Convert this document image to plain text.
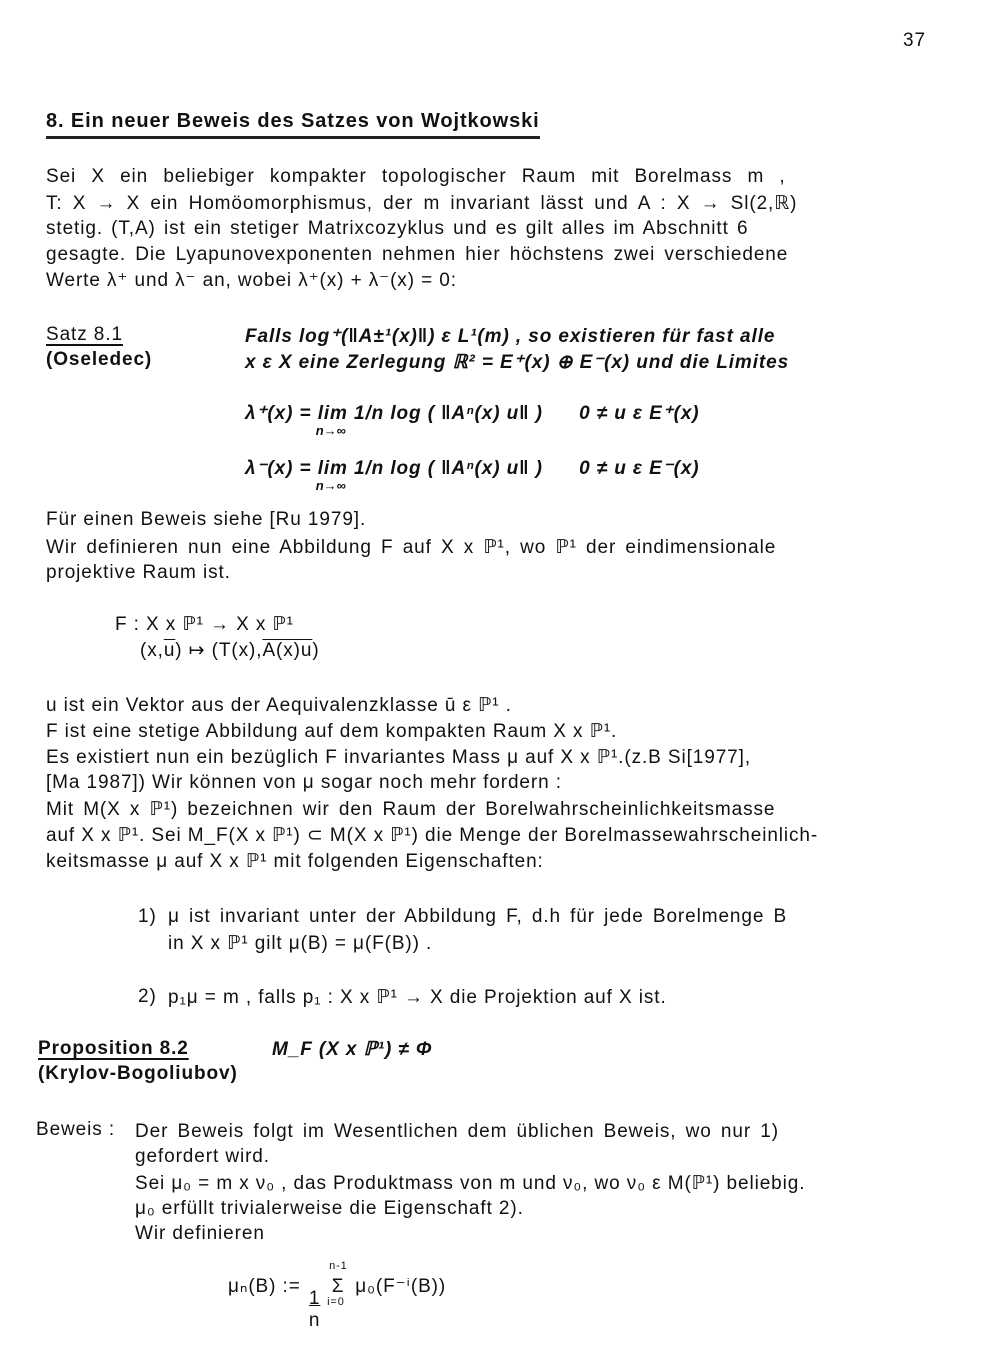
37
8. Ein neuer Beweis des Satzes von Wojtkowski
Sei X ein beliebiger kompakter topologischer Raum mit Borelmass m ,
T: X → X ein Homöomorphismus, der m invariant lässt und A : X → Sl(2,ℝ)
stetig. (T,A) ist ein stetiger Matrixcozyklus und es gilt alles im Abschnitt 6
gesagte. Die Lyapunovexponenten nehmen hier höchstens zwei verschiedene
Werte λ⁺ und λ⁻ an, wobei λ⁺(x) + λ⁻(x) = 0:
Satz 8.1
(Oseledec)
Falls log⁺(‖A±¹(x)‖) ε L¹(m) , so existieren für fast alle
x ε X eine Zerlegung ℝ² = E⁺(x) ⊕ E⁻(x) und die Limites
λ⁺(x) = lim
n→∞
1/n log ( ‖Aⁿ(x) u‖ ) 0 ≠ u ε E⁺(x)
λ⁻(x) = lim
n→∞
1/n log ( ‖Aⁿ(x) u‖ ) 0 ≠ u ε E⁻(x)
Für einen Beweis siehe [Ru 1979].
Wir definieren nun eine Abbildung F auf X x ℙ¹, wo ℙ¹ der eindimensionale
projektive Raum ist.
F : X x ℙ¹ → X x ℙ¹
$(x,\overline{u})$ ↦ (T(x),A(x)u)
u ist ein Vektor aus der Aequivalenzklasse ū ε ℙ¹ .
F ist eine stetige Abbildung auf dem kompakten Raum X x ℙ¹.
Es existiert nun ein bezüglich F invariantes Mass μ auf X x ℙ¹.(z.B Si[1977],
[Ma 1987]) Wir können von μ sogar noch mehr fordern :
Mit M(X x ℙ¹) bezeichnen wir den Raum der Borelwahrscheinlichkeitsmasse
auf X x ℙ¹. Sei M_F(X x ℙ¹) ⊂ M(X x ℙ¹) die Menge der Borelmassewahrscheinlich-
keitsmasse μ auf X x ℙ¹ mit folgenden Eigenschaften:
1) μ ist invariant unter der Abbildung F, d.h für jede Borelmenge B
in X x ℙ¹ gilt μ(B) = μ(F(B)) .
2) p₁μ = m , falls p₁ : X x ℙ¹ → X die Projektion auf X ist.
Proposition 8.2
(Krylov-Bogoliubov)
M_F (X x ℙ¹) ≠ Φ
Beweis : Der Beweis folgt im Wesentlichen dem üblichen Beweis, wo nur 1)
gefordert wird.
Sei μ₀ = m x ν₀ , das Produktmass von m und ν₀, wo ν₀ ε M(ℙ¹) beliebig.
μ₀ erfüllt trivialerweise die Eigenschaft 2).
Wir definieren
μₙ(B) :=
$\frac{1}{n}$

n-1
Σ
i=0
μ₀(F⁻ⁱ(B))
